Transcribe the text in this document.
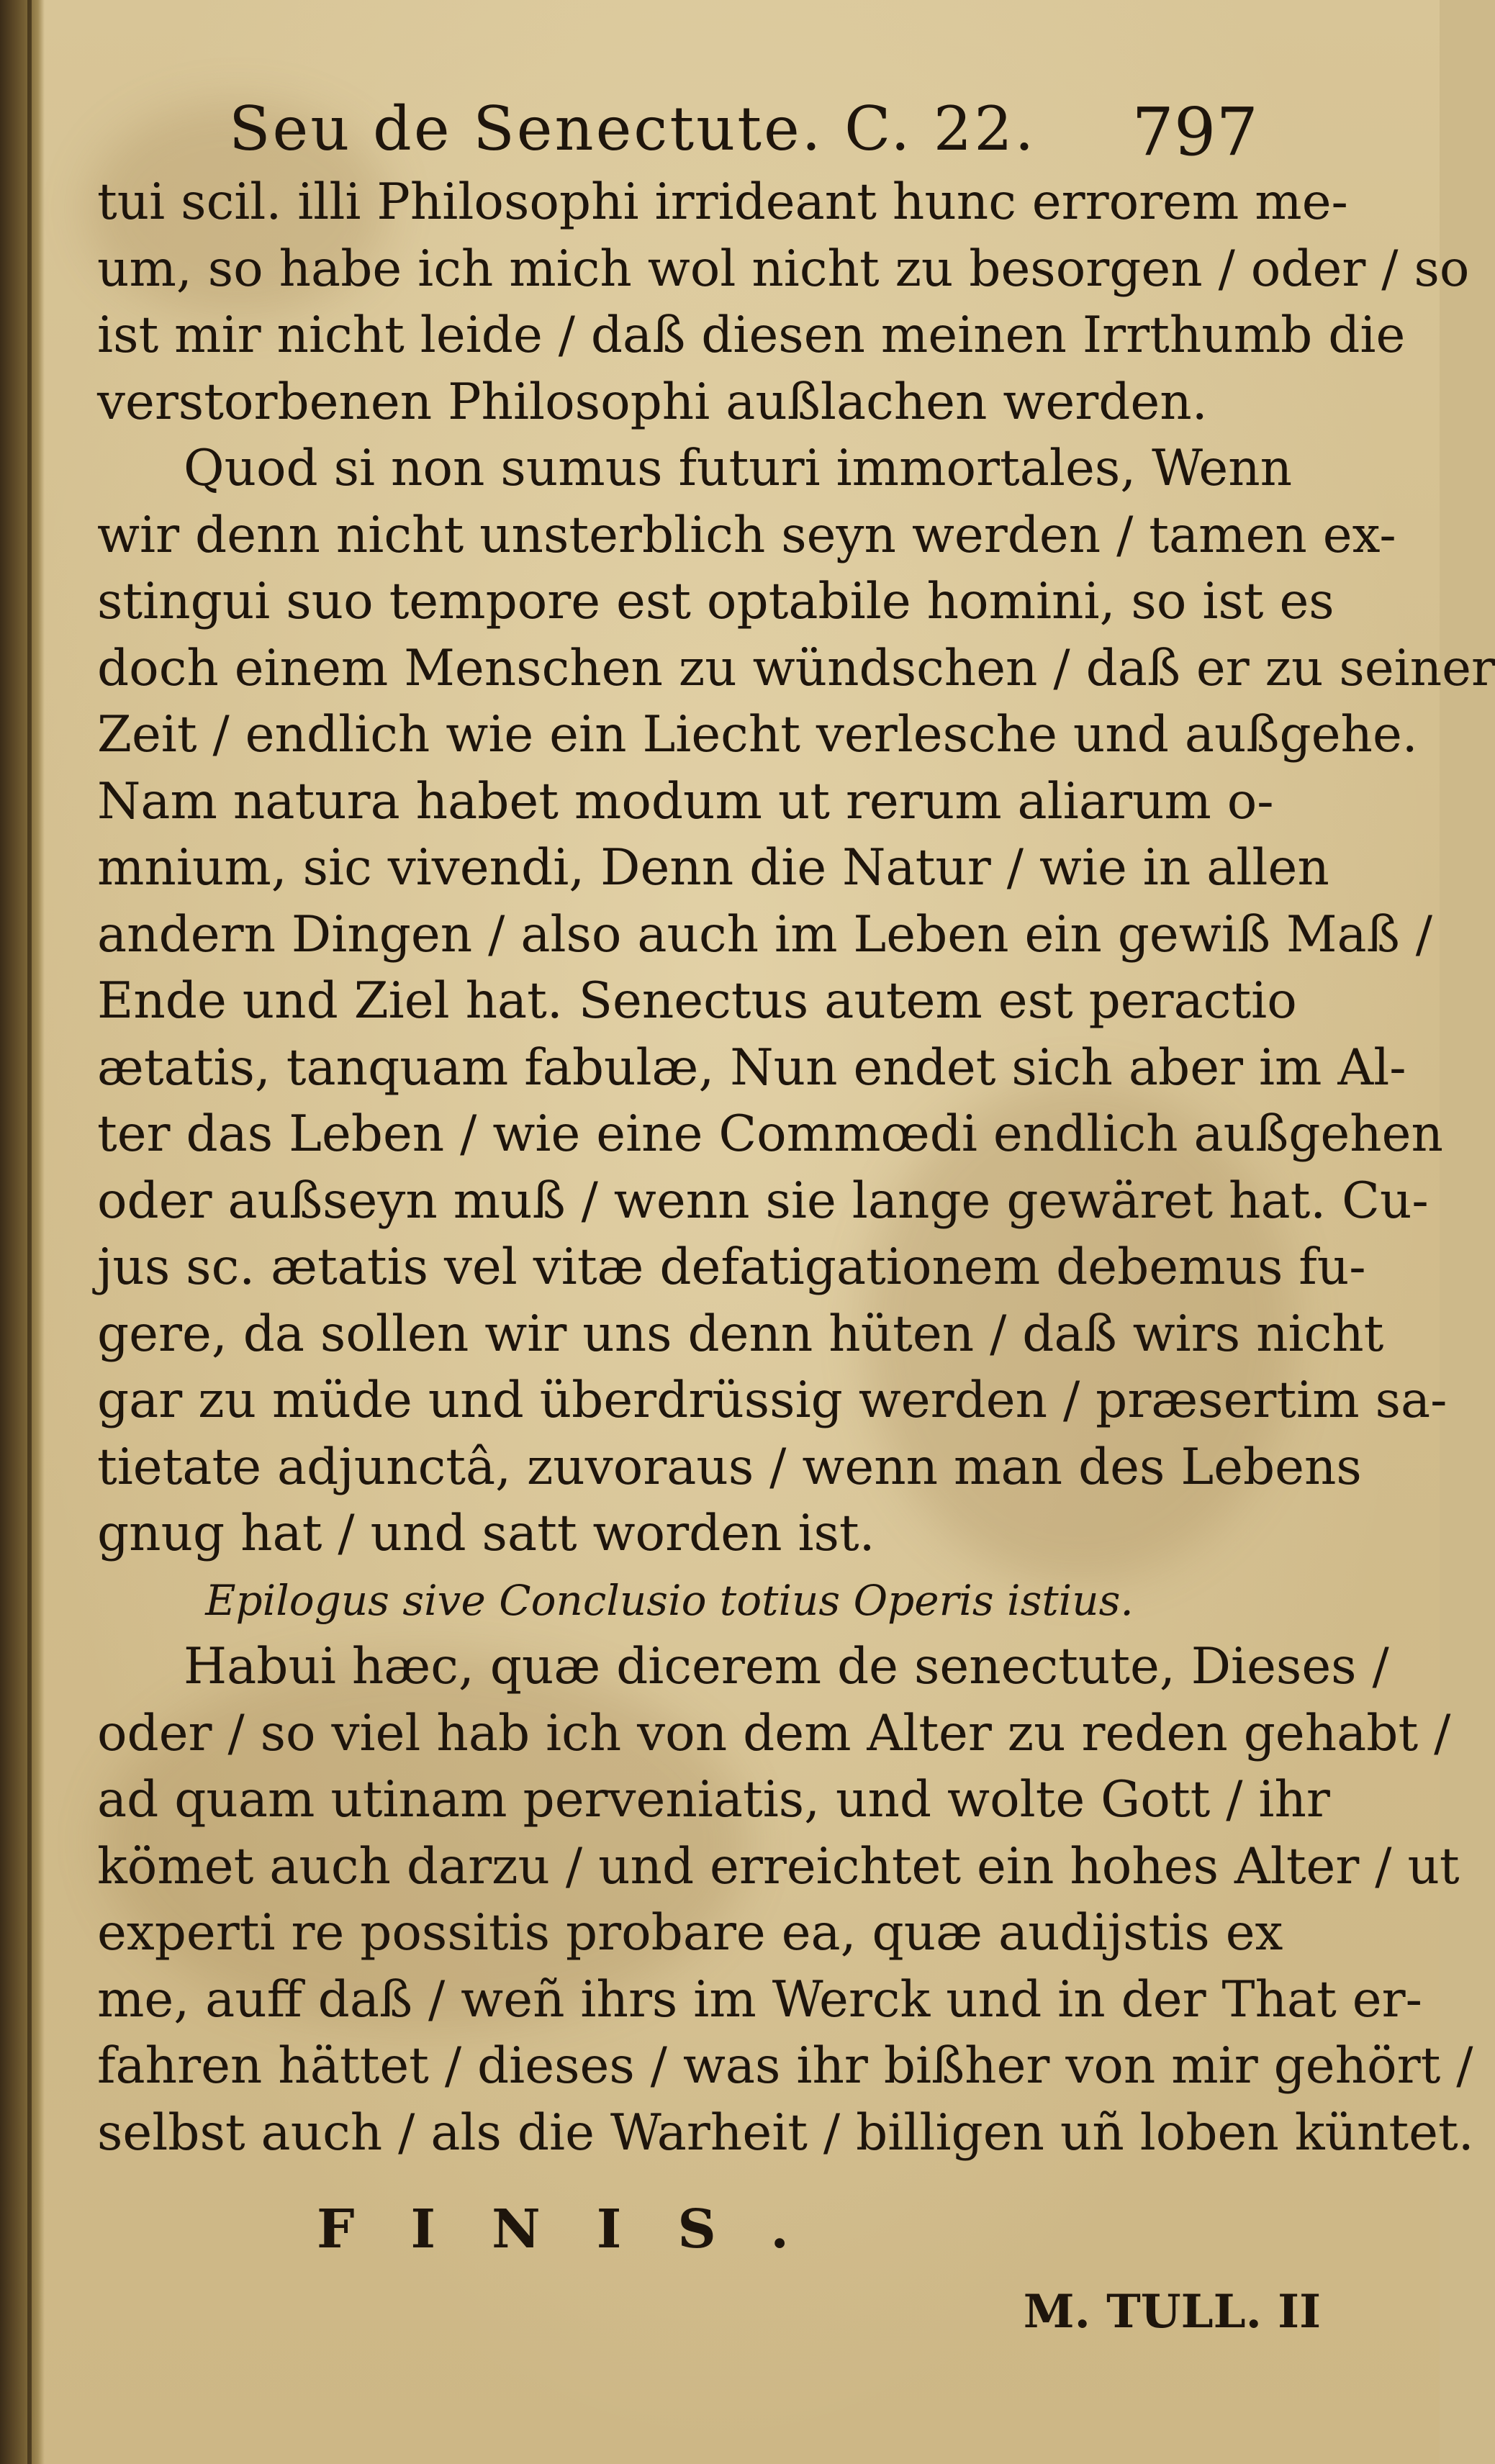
Seu de Senectute. C. 22. 797
tui scil. illi Philosophi irrideant hunc errorem me-
um, so habe ich mich wol nicht zu besorgen / oder / so
ist mir nicht leide / daß diesen meinen Irrthumb die
verstorbenen Philosophi außlachen werden.
Quod si non sumus futuri immortales, Wenn
wir denn nicht unsterblich seyn werden / tamen ex-
stingui suo tempore est optabile homini, so ist es
doch einem Menschen zu wündschen / daß er zu seiner
Zeit / endlich wie ein Liecht verlesche und außgehe.
Nam natura habet modum ut rerum aliarum o-
mnium, sic vivendi, Denn die Natur / wie in allen
andern Dingen / also auch im Leben ein gewiß Maß /
Ende und Ziel hat. Senectus autem est peractio
ætatis, tanquam fabulæ, Nun endet sich aber im Al-
ter das Leben / wie eine Commœdi endlich außgehen
oder außseyn muß / wenn sie lange gewäret hat. Cu-
jus sc. ætatis vel vitæ defatigationem debemus fu-
gere, da sollen wir uns denn hüten / daß wirs nicht
gar zu müde und überdrüssig werden / præsertim sa-
tietate adjunctâ, zuvoraus / wenn man des Lebens
gnug hat / und satt worden ist.
Epilogus sive Conclusio totius Operis istius.
Habui hæc, quæ dicerem de senectute, Dieses /
oder / so viel hab ich von dem Alter zu reden gehabt /
ad quam utinam perveniatis, und wolte Gott / ihr
kömet auch darzu / und erreichtet ein hohes Alter / ut
experti re possitis probare ea, quæ audijstis ex
me, auff daß / weñ ihrs im Werck und in der That er-
fahren hättet / dieses / was ihr bißher von mir gehört /
selbst auch / als die Warheit / billigen uñ loben küntet.
FINIS.
M. TULL. II
